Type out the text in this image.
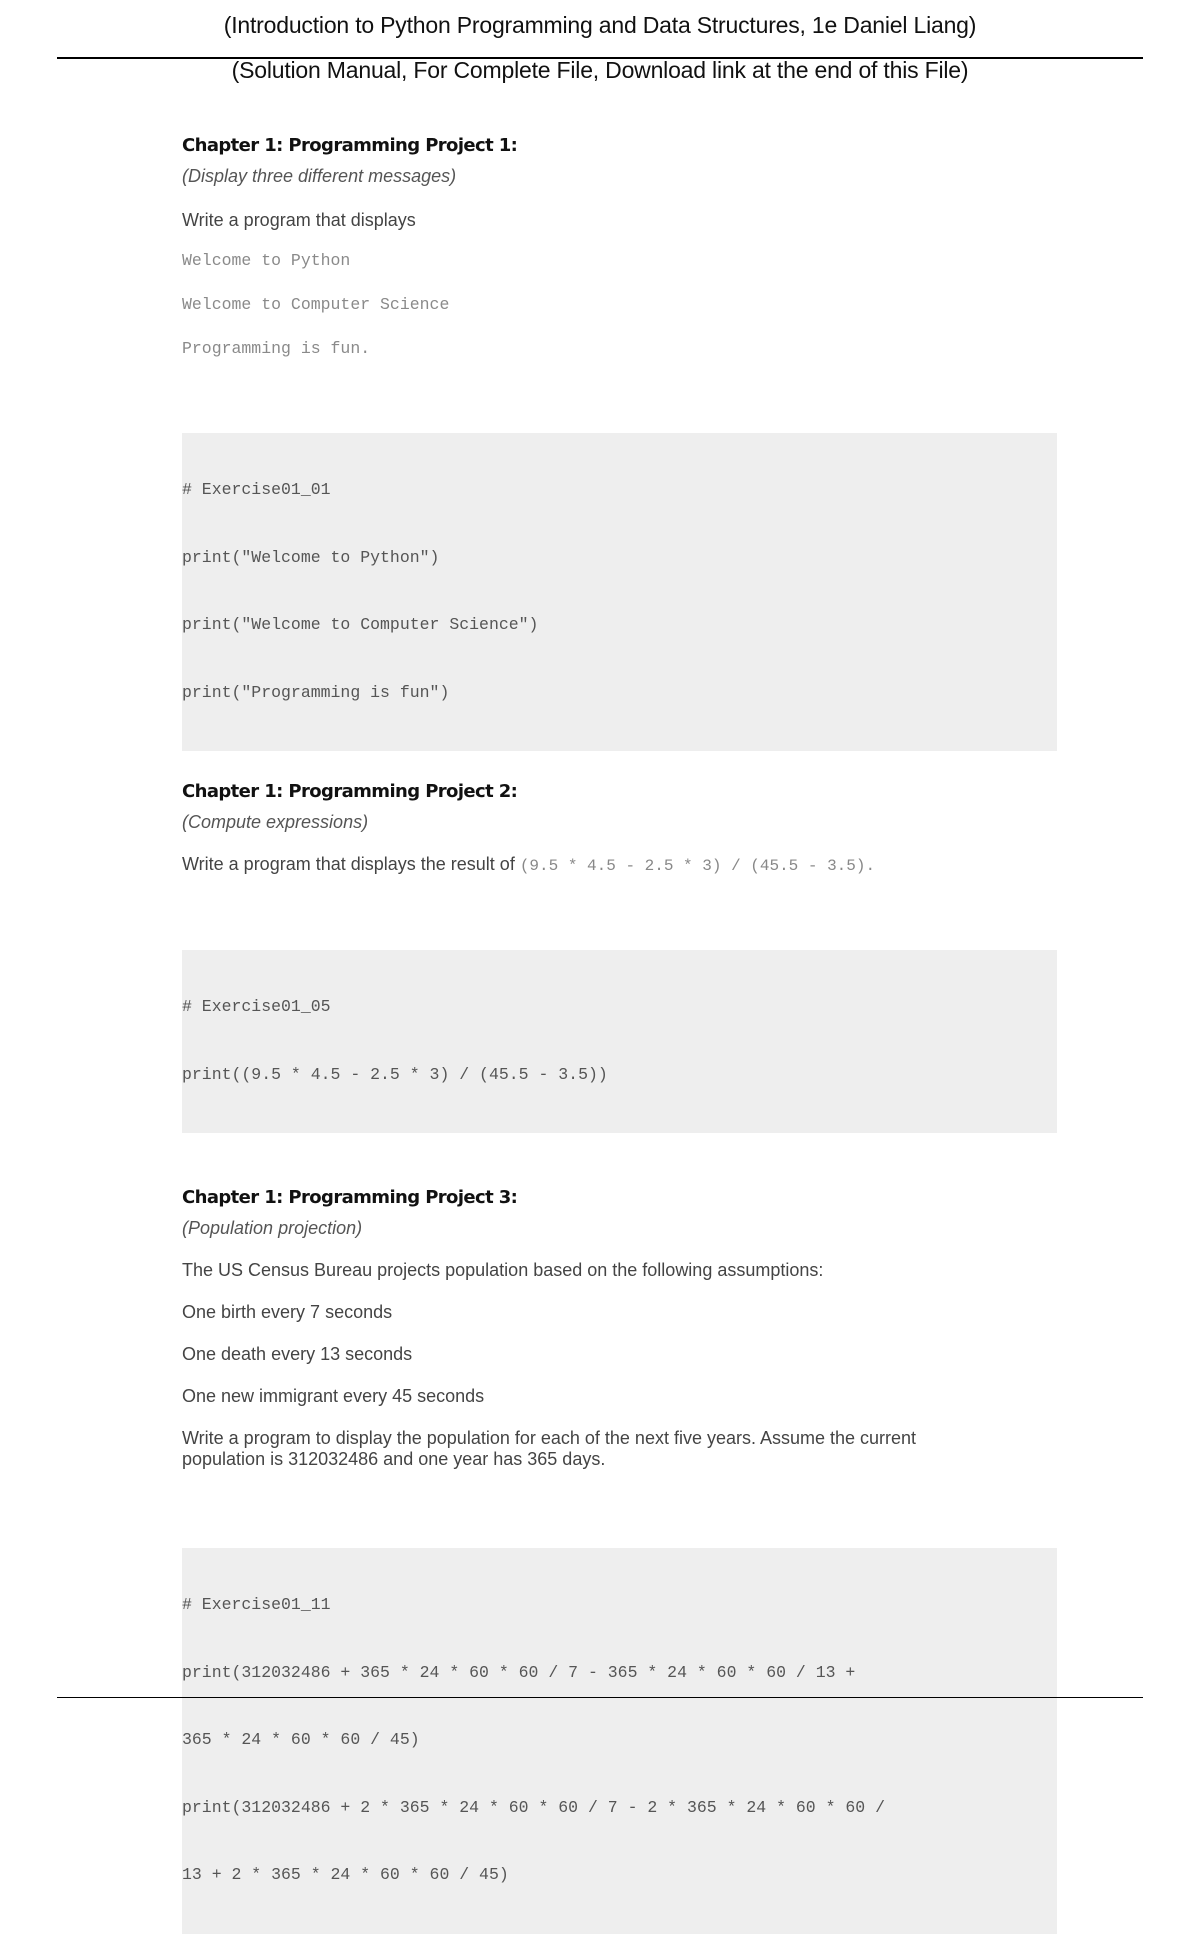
(Introduction to Python Programming and Data Structures, 1e Daniel Liang)
(Solution Manual, For Complete File, Download link at the end of this File)
Chapter 1: Programming Project 1:

(Display three different messages)

Write a program that displays

Welcome to Python

Welcome to Computer Science

Programming is fun.

# Exercise01_01

print("Welcome to Python")

print("Welcome to Computer Science")

print("Programming is fun")

Chapter 1: Programming Project 2:

(Compute expressions)

Write a program that displays the result of (9.5 * 4.5 - 2.5 * 3) / (45.5 - 3.5).

# Exercise01_05

print((9.5 * 4.5 - 2.5 * 3) / (45.5 - 3.5))

Chapter 1: Programming Project 3:

(Population projection)

The US Census Bureau projects population based on the following assumptions:

One birth every 7 seconds

One death every 13 seconds

One new immigrant every 45 seconds

Write a program to display the population for each of the next five years. Assume the current
population is 312032486 and one year has 365 days.

# Exercise01_11

print(312032486 + 365 * 24 * 60 * 60 / 7 - 365 * 24 * 60 * 60 / 13 +

365 * 24 * 60 * 60 / 45)

print(312032486 + 2 * 365 * 24 * 60 * 60 / 7 - 2 * 365 * 24 * 60 * 60 /

13 + 2 * 365 * 24 * 60 * 60 / 45)
